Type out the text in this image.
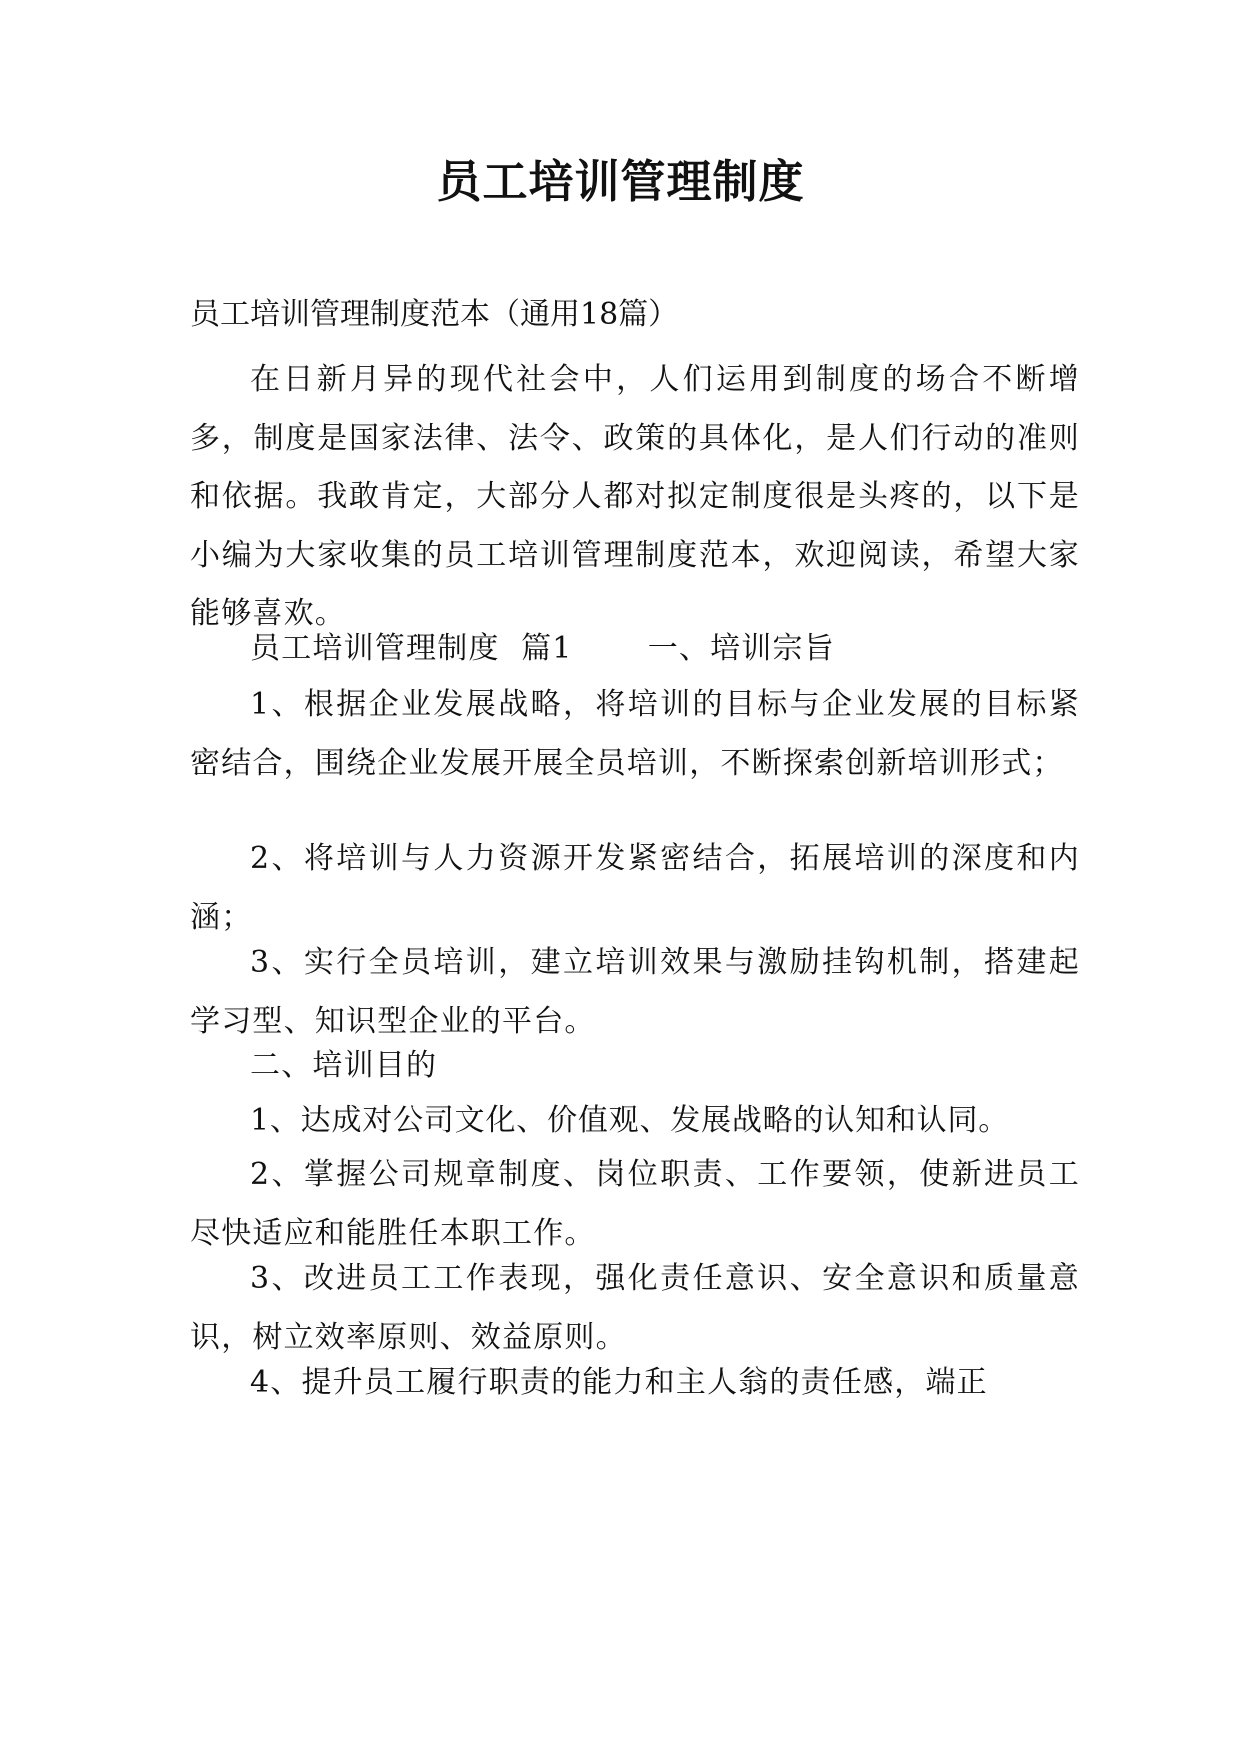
员工培训管理制度
员工培训管理制度范本（通用18篇）

在日新月异的现代社会中，人们运用到制度的场合不断增多，制度是国家法律、法令、政策的具体化，是人们行动的准则和依据。我敢肯定，大部分人都对拟定制度很是头疼的，以下是小编为大家收集的员工培训管理制度范本，欢迎阅读，希望大家能够喜欢。

员工培训管理制度  篇1       一、培训宗旨

1、根据企业发展战略，将培训的目标与企业发展的目标紧密结合，围绕企业发展开展全员培训，不断探索创新培训形式；

2、将培训与人力资源开发紧密结合，拓展培训的深度和内涵；

3、实行全员培训，建立培训效果与激励挂钩机制，搭建起学习型、知识型企业的平台。

二、培训目的

1、达成对公司文化、价值观、发展战略的认知和认同。

2、掌握公司规章制度、岗位职责、工作要领，使新进员工尽快适应和能胜任本职工作。

3、改进员工工作表现，强化责任意识、安全意识和质量意识，树立效率原则、效益原则。

4、提升员工履行职责的能力和主人翁的责任感，端正
